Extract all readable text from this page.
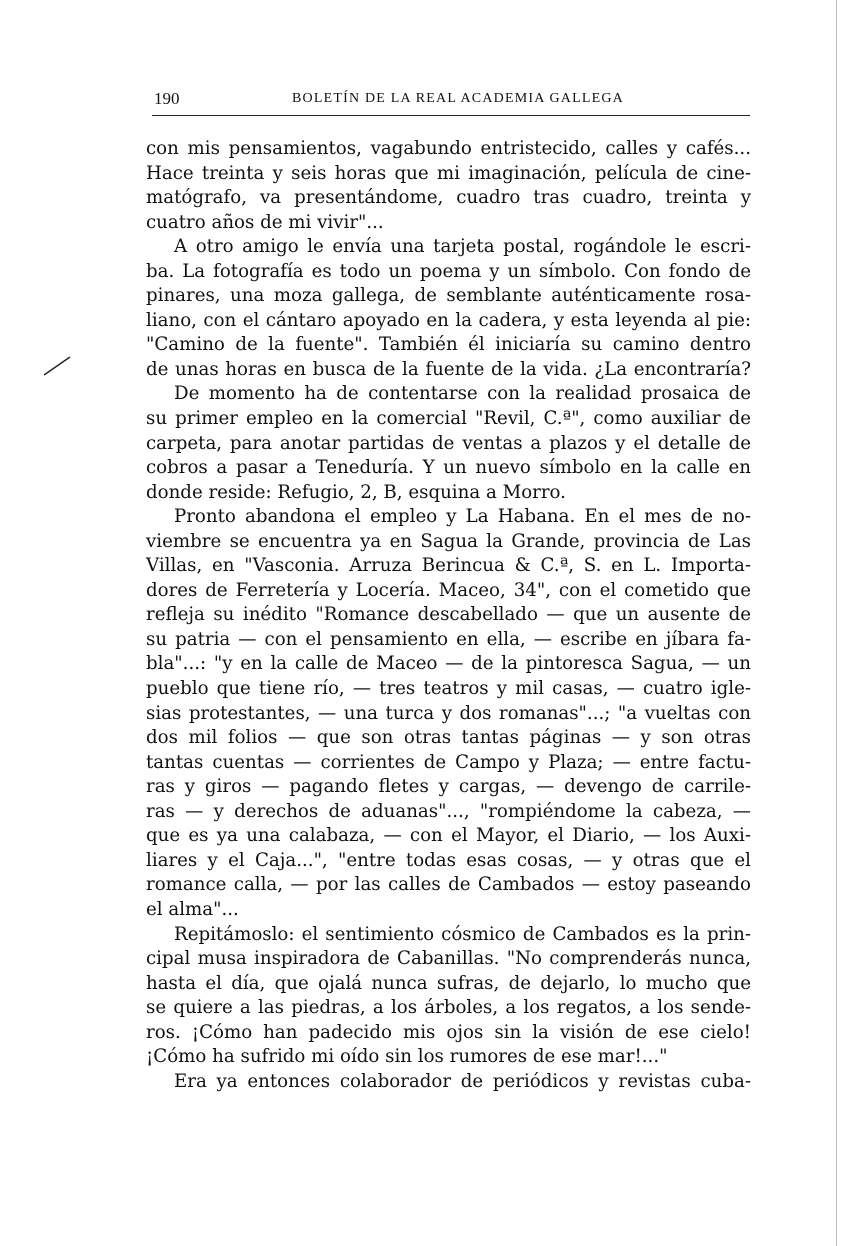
190	BOLETÍN DE LA REAL ACADEMIA GALLEGA
con mis pensamientos, vagabundo entristecido, calles y cafés...
Hace treinta y seis horas que mi imaginación, película de cine-
matógrafo, va presentándome, cuadro tras cuadro, treinta y
cuatro años de mi vivir"...
A otro amigo le envía una tarjeta postal, rogándole le escri-
ba. La fotografía es todo un poema y un símbolo. Con fondo de
pinares, una moza gallega, de semblante auténticamente rosa-
liano, con el cántaro apoyado en la cadera, y esta leyenda al pie:
"Camino de la fuente". También él iniciaría su camino dentro
de unas horas en busca de la fuente de la vida. ¿La encontraría?
De momento ha de contentarse con la realidad prosaica de
su primer empleo en la comercial "Revil, C.ª", como auxiliar de
carpeta, para anotar partidas de ventas a plazos y el detalle de
cobros a pasar a Teneduría. Y un nuevo símbolo en la calle en
donde reside: Refugio, 2, B, esquina a Morro.
Pronto abandona el empleo y La Habana. En el mes de no-
viembre se encuentra ya en Sagua la Grande, provincia de Las
Villas, en "Vasconia. Arruza Berincua & C.ª, S. en L. Importa-
dores de Ferretería y Locería. Maceo, 34", con el cometido que
refleja su inédito "Romance descabellado — que un ausente de
su patria — con el pensamiento en ella, — escribe en jíbara fa-
bla"...: "y en la calle de Maceo — de la pintoresca Sagua, — un
pueblo que tiene río, — tres teatros y mil casas, — cuatro igle-
sias protestantes, — una turca y dos romanas"...; "a vueltas con
dos mil folios — que son otras tantas páginas — y son otras
tantas cuentas — corrientes de Campo y Plaza; — entre factu-
ras y giros — pagando fletes y cargas, — devengo de carrile-
ras — y derechos de aduanas"..., "rompiéndome la cabeza, —
que es ya una calabaza, — con el Mayor, el Diario, — los Auxi-
liares y el Caja...", "entre todas esas cosas, — y otras que el
romance calla, — por las calles de Cambados — estoy paseando
el alma"...
Repitámoslo: el sentimiento cósmico de Cambados es la prin-
cipal musa inspiradora de Cabanillas. "No comprenderás nunca,
hasta el día, que ojalá nunca sufras, de dejarlo, lo mucho que
se quiere a las piedras, a los árboles, a los regatos, a los sende-
ros. ¡Cómo han padecido mis ojos sin la visión de ese cielo!
¡Cómo ha sufrido mi oído sin los rumores de ese mar!..."
Era ya entonces colaborador de periódicos y revistas cuba-
